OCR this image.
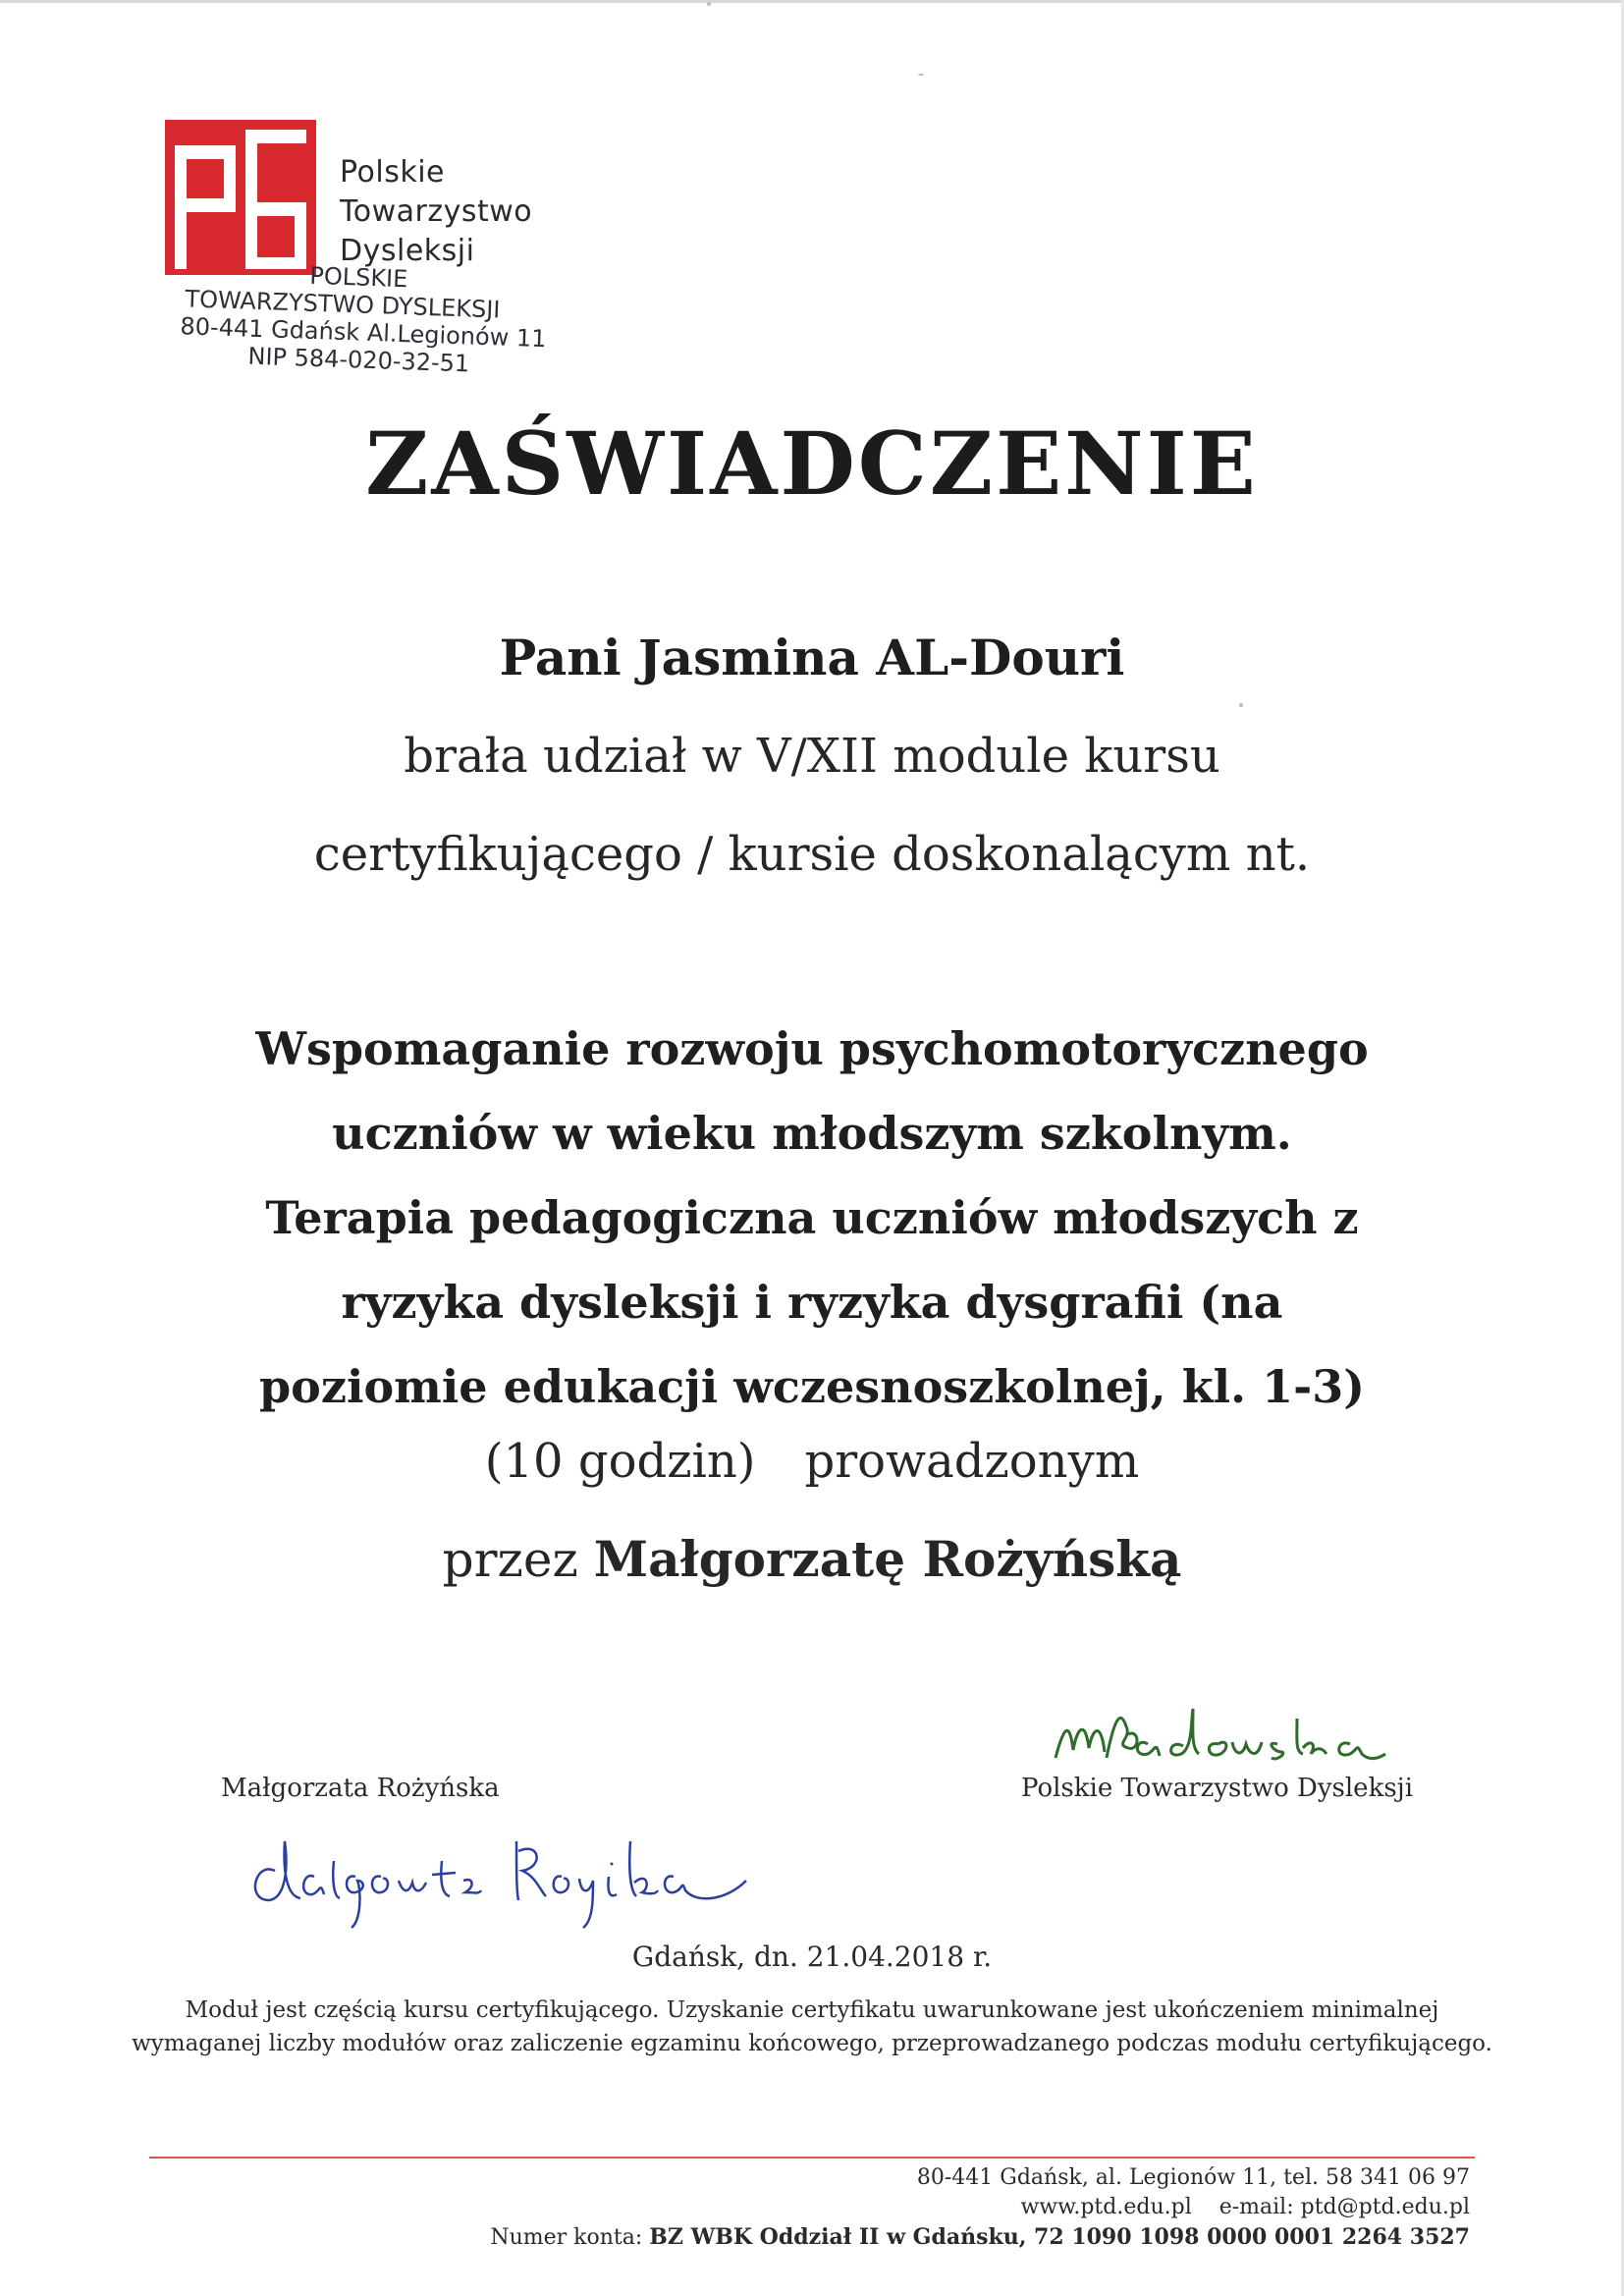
Polskie
Towarzystwo
Dysleksji
POLSKIE
TOWARZYSTWO DYSLEKSJI
80-441 Gdańsk Al.Legionów 11
NIP 584-020-32-51
ZAŚWIADCZENIE
Pani Jasmina AL-Douri
brała udział w V/XII module kursu
certyfikującego / kursie doskonalącym nt.
Wspomaganie rozwoju psychomotorycznego
uczniów w wieku młodszym szkolnym.
Terapia pedagogiczna uczniów młodszych z
ryzyka dysleksji i ryzyka dysgrafii (na
poziomie edukacji wczesnoszkolnej, kl. 1-3)
(10 godzin) prowadzonym
przez Małgorzatę Rożyńską
Polskie Towarzystwo Dysleksji
Małgorzata Rożyńska
Gdańsk, dn. 21.04.2018 r.
Moduł jest częścią kursu certyfikującego. Uzyskanie certyfikatu uwarunkowane jest ukończeniem minimalnej
wymaganej liczby modułów oraz zaliczenie egzaminu końcowego, przeprowadzanego podczas modułu certyfikującego.
80-441 Gdańsk, al. Legionów 11, tel. 58 341 06 97
www.ptd.edu.pl    e-mail: ptd@ptd.edu.pl
Numer konta: BZ WBK Oddział II w Gdańsku, 72 1090 1098 0000 0001 2264 3527
